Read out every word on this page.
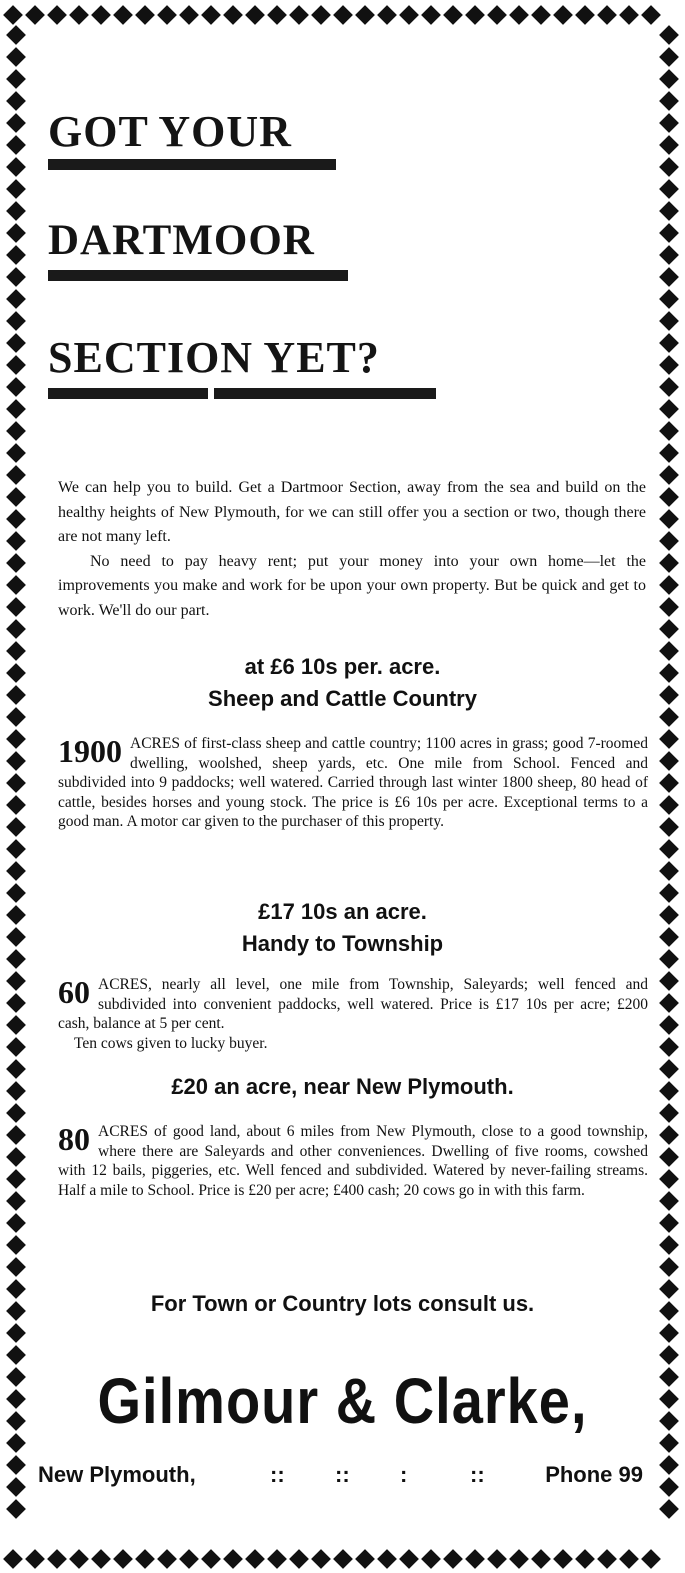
GOT YOUR
DARTMOOR
SECTION YET?

We can help you to build. Get a Dartmoor Section, away from the sea and build on the healthy heights of New Plymouth, for we can still offer you a section or two, though there are not many left.

No need to pay heavy rent; put your money into your own home—let the improvements you make and work for be upon your own property. But be quick and get to work. We'll do our part.

at £6 10s per. acre.
Sheep and Cattle Country
1900 ACRES of first-class sheep and cattle country; 1100 acres in grass; good 7-roomed dwelling, woolshed, sheep yards, etc. One mile from School. Fenced and subdivided into 9 paddocks; well watered. Carried through last winter 1800 sheep, 80 head of cattle, besides horses and young stock. The price is £6 10s per acre. Exceptional terms to a good man. A motor car given to the purchaser of this property.
£17 10s an acre.
Handy to Township
60 ACRES, nearly all level, one mile from Township, Saleyards; well fenced and subdivided into convenient paddocks, well watered. Price is £17 10s per acre; £200 cash, balance at 5 per cent.
Ten cows given to lucky buyer.
£20 an acre, near New Plymouth.
80 ACRES of good land, about 6 miles from New Plymouth, close to a good township, where there are Saleyards and other conveniences. Dwelling of five rooms, cowshed with 12 bails, piggeries, etc. Well fenced and subdivided. Watered by never-failing streams. Half a mile to School. Price is £20 per acre; £400 cash; 20 cows go in with this farm.
For Town or Country lots consult us.
Gilmour & Clarke,
New Plymouth,	:: :: :	::	Phone 99
